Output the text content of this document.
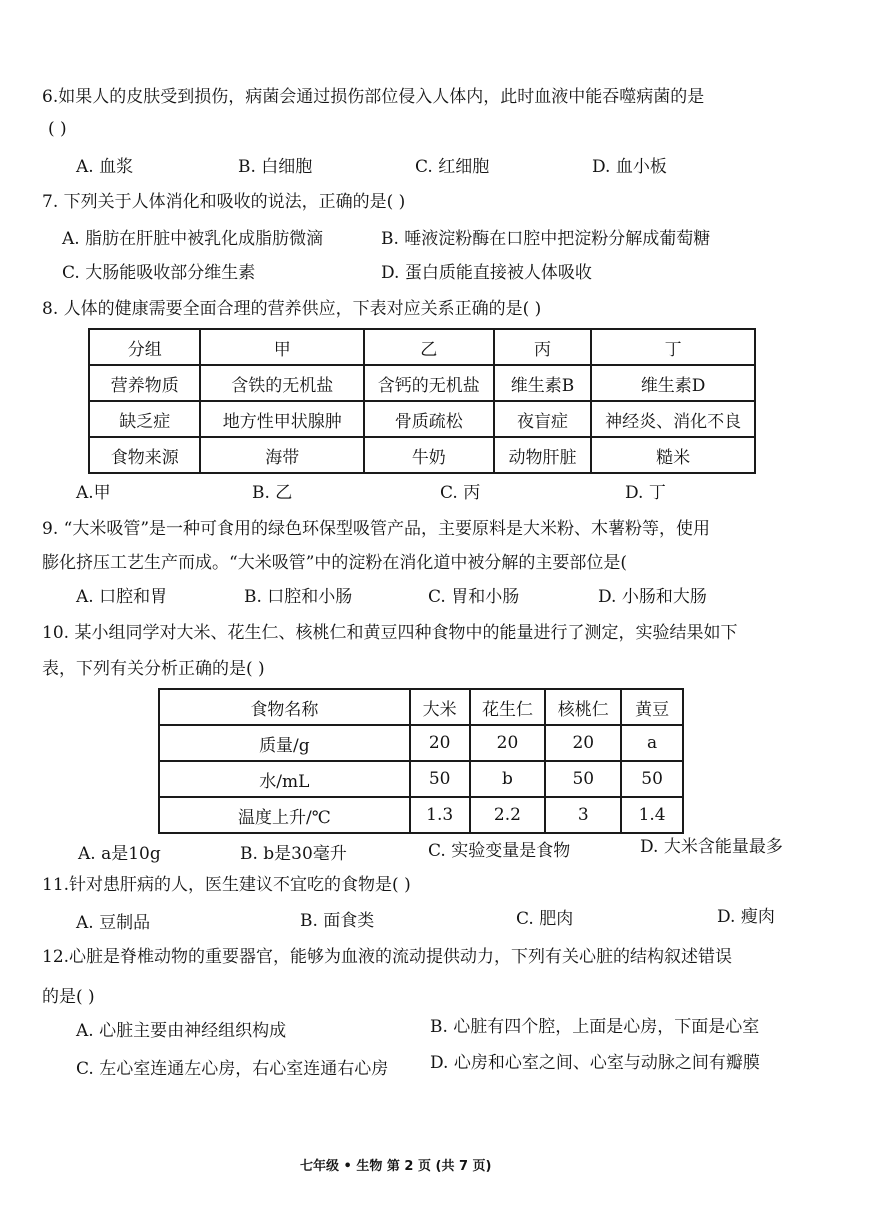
6.如果人的皮肤受到损伤，病菌会通过损伤部位侵入人体内，此时血液中能吞噬病菌的是
( )
A. 血浆	B. 白细胞	C. 红细胞	D. 血小板
7. 下列关于人体消化和吸收的说法，正确的是( )
A. 脂肪在肝脏中被乳化成脂肪微滴	B. 唾液淀粉酶在口腔中把淀粉分解成葡萄糖
C. 大肠能吸收部分维生素	D. 蛋白质能直接被人体吸收
8. 人体的健康需要全面合理的营养供应，下表对应关系正确的是( )
分组	甲	乙	丙	丁
营养物质	含铁的无机盐	含钙的无机盐	维生素B	维生素D
缺乏症	地方性甲状腺肿	骨质疏松	夜盲症	神经炎、消化不良
食物来源	海带	牛奶	动物肝脏	糙米
A.甲	B. 乙	C. 丙	D. 丁
9. “大米吸管”是一种可食用的绿色环保型吸管产品，主要原料是大米粉、木薯粉等，使用
膨化挤压工艺生产而成。“大米吸管”中的淀粉在消化道中被分解的主要部位是(
A. 口腔和胃	B. 口腔和小肠	C. 胃和小肠	D. 小肠和大肠
10. 某小组同学对大米、花生仁、核桃仁和黄豆四种食物中的能量进行了测定，实验结果如下
表，下列有关分析正确的是( )
食物名称	大米	花生仁	核桃仁	黄豆
质量/g	20	20	20	a
水/mL	50	b	50	50
温度上升/℃	1.3	2.2	3	1.4
A. a是10g	B. b是30毫升	C. 实验变量是食物	D. 大米含能量最多
11.针对患肝病的人，医生建议不宜吃的食物是( )
A. 豆制品	B. 面食类	C. 肥肉	D. 瘦肉
12.心脏是脊椎动物的重要器官，能够为血液的流动提供动力，下列有关心脏的结构叙述错误
的是( )
A. 心脏主要由神经组织构成	B. 心脏有四个腔，上面是心房，下面是心室
C. 左心室连通左心房，右心室连通右心房 D. 心房和心室之间、心室与动脉之间有瓣膜
七年级 • 生物 第 2 页 (共 7 页)
